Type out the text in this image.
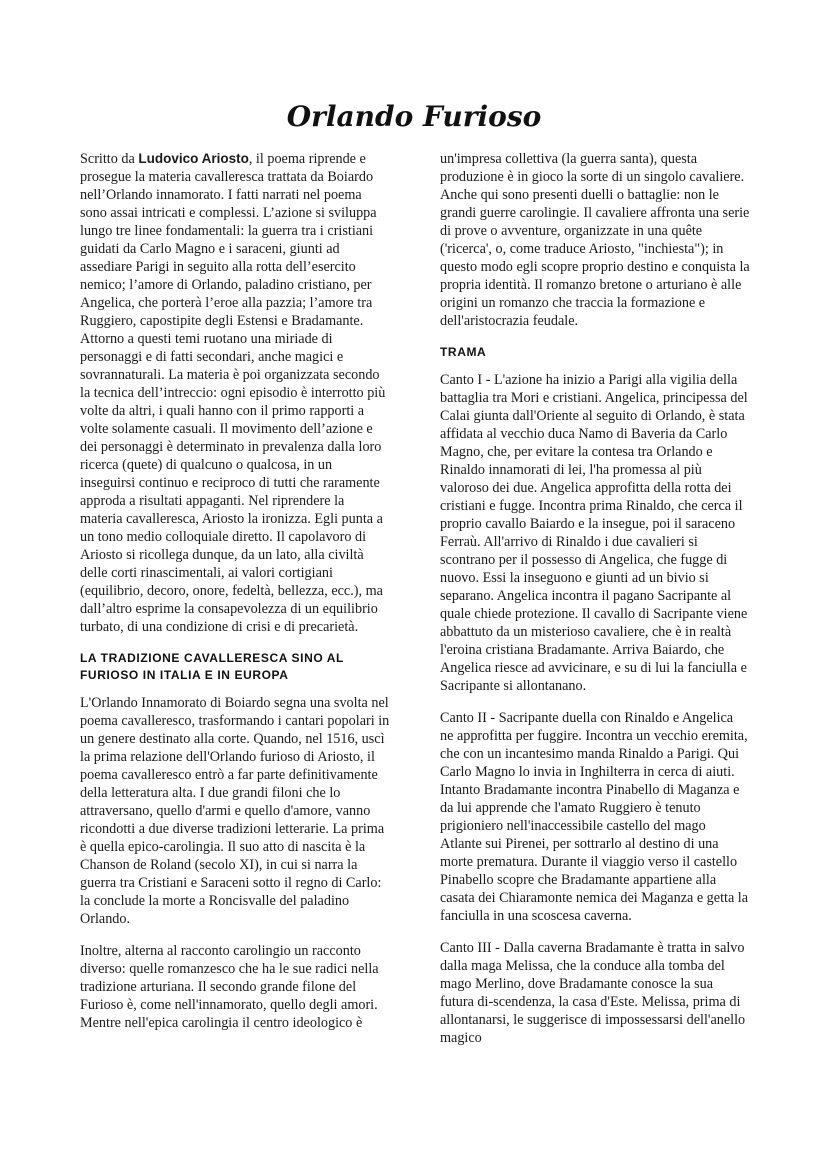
Orlando Furioso

Scritto da Ludovico Ariosto, il poema riprende e prosegue la materia cavalleresca trattata da Boiardo nell’Orlando innamorato. I fatti narrati nel poema sono assai intricati e complessi. L’azione si sviluppa lungo tre linee fondamentali: la guerra tra i cristiani guidati da Carlo Magno e i saraceni, giunti ad assediare Parigi in seguito alla rotta dell’esercito nemico; l’amore di Orlando, paladino cristiano, per Angelica, che porterà l’eroe alla pazzia; l’amore tra Ruggiero, capostipite degli Estensi e Bradamante. Attorno a questi temi ruotano una miriade di personaggi e di fatti secondari, anche magici e sovrannaturali. La materia è poi organizzata secondo la tecnica dell’intreccio: ogni episodio è interrotto più volte da altri, i quali hanno con il primo rapporti a volte solamente casuali. Il movimento dell’azione e dei personaggi è determinato in prevalenza dalla loro ricerca (quete) di qualcuno o qualcosa, in un inseguirsi continuo e reciproco di tutti che raramente approda a risultati appaganti. Nel riprendere la materia cavalleresca, Ariosto la ironizza. Egli punta a un tono medio colloquiale diretto. Il capolavoro di Ariosto si ricollega dunque, da un lato, alla civiltà delle corti rinascimentali, ai valori cortigiani (equilibrio, decoro, onore, fedeltà, bellezza, ecc.), ma dall’altro esprime la consapevolezza di un equilibrio turbato, di una condizione di crisi e di precarietà.

LA TRADIZIONE CAVALLERESCA SINO AL FURIOSO IN ITALIA E IN EUROPA

L'Orlando Innamorato di Boiardo segna una svolta nel poema cavalleresco, trasformando i cantari popolari in un genere destinato alla corte. Quando, nel 1516, uscì la prima relazione dell'Orlando furioso di Ariosto, il poema cavalleresco entrò a far parte definitivamente della letteratura alta. I due grandi filoni che lo attraversano, quello d'armi e quello d'amore, vanno ricondotti a due diverse tradizioni letterarie. La prima è quella epico-carolingia. Il suo atto di nascita è la Chanson de Roland (secolo XI), in cui si narra la guerra tra Cristiani e Saraceni sotto il regno di Carlo: la conclude la morte a Roncisvalle del paladino Orlando.

Inoltre, alterna al racconto carolingio un racconto diverso: quelle romanzesco che ha le sue radici nella tradizione arturiana. Il secondo grande filone del Furioso è, come nell'innamorato, quello degli amori. Mentre nell'epica carolingia il centro ideologico è

un'impresa collettiva (la guerra santa), questa produzione è in gioco la sorte di un singolo cavaliere. Anche qui sono presenti duelli o battaglie: non le grandi guerre carolingie. Il cavaliere affronta una serie di prove o avventure, organizzate in una quête ('ricerca', o, come traduce Ariosto, "inchiesta"); in questo modo egli scopre proprio destino e conquista la propria identità. Il romanzo bretone o arturiano è alle origini un romanzo che traccia la formazione e dell'aristocrazia feudale.

TRAMA

Canto I - L'azione ha inizio a Parigi alla vigilia della battaglia tra Mori e cristiani. Angelica, principessa del Calai giunta dall'Oriente al seguito di Orlando, è stata affidata al vecchio duca Namo di Baveria da Carlo Magno, che, per evitare la contesa tra Orlando e Rinaldo innamorati di lei, l'ha promessa al più valoroso dei due. Angelica approfitta della rotta dei cristiani e fugge. Incontra prima Rinaldo, che cerca il proprio cavallo Baiardo e la insegue, poi il saraceno Ferraù. All'arrivo di Rinaldo i due cavalieri si scontrano per il possesso di Angelica, che fugge di nuovo. Essi la inseguono e giunti ad un bivio si separano. Angelica incontra il pagano Sacripante al quale chiede protezione. Il cavallo di Sacripante viene abbattuto da un misterioso cavaliere, che è in realtà l'eroina cristiana Bradamante. Arriva Baiardo, che Angelica riesce ad avvicinare, e su di lui la fanciulla e Sacripante si allontanano.

Canto II - Sacripante duella con Rinaldo e Angelica ne approfitta per fuggire. Incontra un vecchio eremita, che con un incantesimo manda Rinaldo a Parigi. Qui Carlo Magno lo invia in Inghilterra in cerca di aiuti. Intanto Bradamante incontra Pinabello di Maganza e da lui apprende che l'amato Ruggiero è tenuto prigioniero nell'inaccessibile castello del mago Atlante sui Pirenei, per sottrarlo al destino di una morte prematura. Durante il viaggio verso il castello Pinabello scopre che Bradamante appartiene alla casata dei Chiaramonte nemica dei Maganza e getta la fanciulla in una scoscesa caverna.

Canto III - Dalla caverna Bradamante è tratta in salvo dalla maga Melissa, che la conduce alla tomba del mago Merlino, dove Bradamante conosce la sua futura di-scendenza, la casa d'Este. Melissa, prima di allontanarsi, le suggerisce di impossessarsi dell'anello magico
